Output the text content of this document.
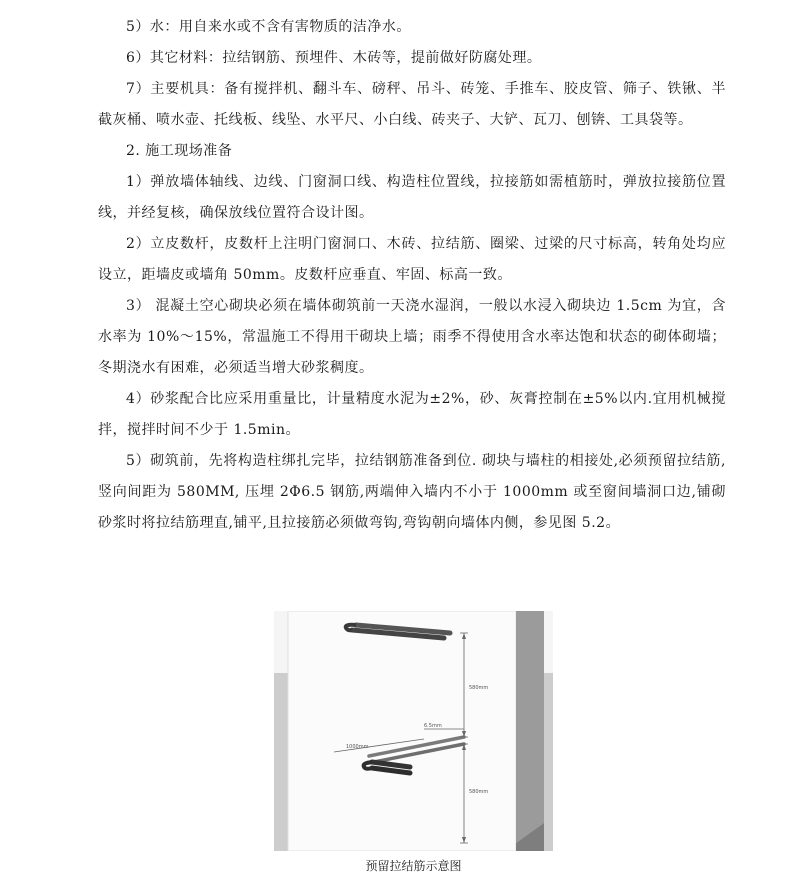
5）水：用自来水或不含有害物质的洁净水。

6）其它材料：拉结钢筋、预埋件、木砖等，提前做好防腐处理。

7）主要机具：备有搅拌机、翻斗车、磅秤、吊斗、砖笼、手推车、胶皮管、筛子、铁锹、半截灰桶、喷水壶、托线板、线坠、水平尺、小白线、砖夹子、大铲、瓦刀、刨锛、工具袋等。

2. 施工现场准备

1）弹放墙体轴线、边线、门窗洞口线、构造柱位置线，拉接筋如需植筋时，弹放拉接筋位置线，并经复核，确保放线位置符合设计图。

2）立皮数杆，皮数杆上注明门窗洞口、木砖、拉结筋、圈梁、过梁的尺寸标高，转角处均应设立，距墙皮或墙角 50mm。皮数杆应垂直、牢固、标高一致。

3） 混凝土空心砌块必须在墙体砌筑前一天浇水湿润，一般以水浸入砌块边 1.5cm 为宜，含水率为 10%～15%，常温施工不得用干砌块上墙；雨季不得使用含水率达饱和状态的砌体砌墙；冬期浇水有困难，必须适当增大砂浆稠度。

4）砂浆配合比应采用重量比，计量精度水泥为±2%，砂、灰膏控制在±5%以内.宜用机械搅拌，搅拌时间不少于 1.5min。

5）砌筑前，先将构造柱绑扎完毕，拉结钢筋准备到位. 砌块与墙柱的相接处,必须预留拉结筋,竖向间距为 580MM, 压埋 2Φ6.5 钢筋,两端伸入墙内不小于 1000mm 或至窗间墙洞口边,铺砌砂浆时将拉结筋理直,铺平,且拉接筋必须做弯钩,弯钩朝向墙体内侧，参见图 5.2。

580mm
580mm
6.5mm
1000mm
预留拉结筋示意图
